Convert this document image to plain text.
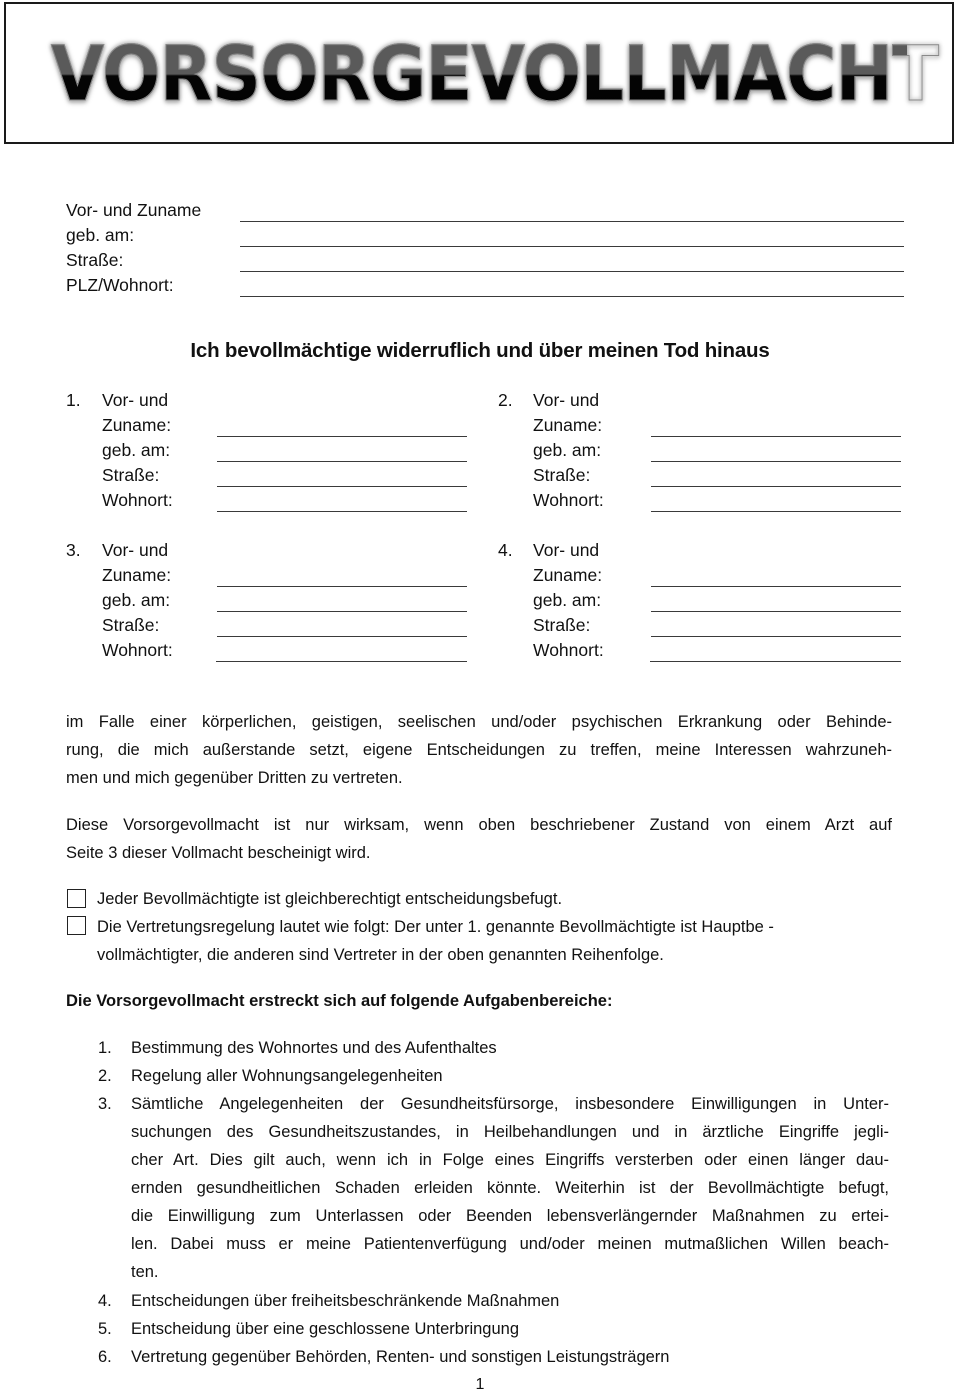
VORSORGEVOLLMACHT
Vor- und Zuname
geb. am:
Straße:
PLZ/Wohnort:
Ich bevollmächtige widerruflich und über meinen Tod hinaus
1. Vor- und
Zuname:
geb. am:
Straße:
Wohnort:
2. Vor- und
Zuname:
geb. am:
Straße:
Wohnort:
3. Vor- und
Zuname:
geb. am:
Straße:
Wohnort:
4. Vor- und
Zuname:
geb. am:
Straße:
Wohnort:
im Falle einer körperlichen, geistigen, seelischen und/oder psychischen Erkrankung oder Behinde-
rung, die mich außerstande setzt, eigene Entscheidungen zu treffen, meine Interessen wahrzuneh-
men und mich gegenüber Dritten zu vertreten.
Diese Vorsorgevollmacht ist nur wirksam, wenn oben beschriebener Zustand von einem Arzt auf
Seite 3 dieser Vollmacht bescheinigt wird.
Jeder Bevollmächtigte ist gleichberechtigt entscheidungsbefugt.
Die Vertretungsregelung lautet wie folgt: Der unter 1. genannte Bevollmächtigte ist Hauptbe -
vollmächtigter, die anderen sind Vertreter in der oben genannten Reihenfolge.
Die Vorsorgevollmacht erstreckt sich auf folgende Aufgabenbereiche:
1. Bestimmung des Wohnortes und des Aufenthaltes
2. Regelung aller Wohnungsangelegenheiten
3. Sämtliche Angelegenheiten der Gesundheitsfürsorge, insbesondere Einwilligungen in Unter-
suchungen des Gesundheitszustandes, in Heilbehandlungen und in ärztliche Eingriffe jegli-
cher Art. Dies gilt auch, wenn ich in Folge eines Eingriffs versterben oder einen länger dau-
ernden gesundheitlichen Schaden erleiden könnte. Weiterhin ist der Bevollmächtigte befugt,
die Einwilligung zum Unterlassen oder Beenden lebensverlängernder Maßnahmen zu ertei-
len. Dabei muss er meine Patientenverfügung und/oder meinen mutmaßlichen Willen beach-
ten.
4. Entscheidungen über freiheitsbeschränkende Maßnahmen
5. Entscheidung über eine geschlossene Unterbringung
6. Vertretung gegenüber Behörden, Renten- und sonstigen Leistungsträgern
1
